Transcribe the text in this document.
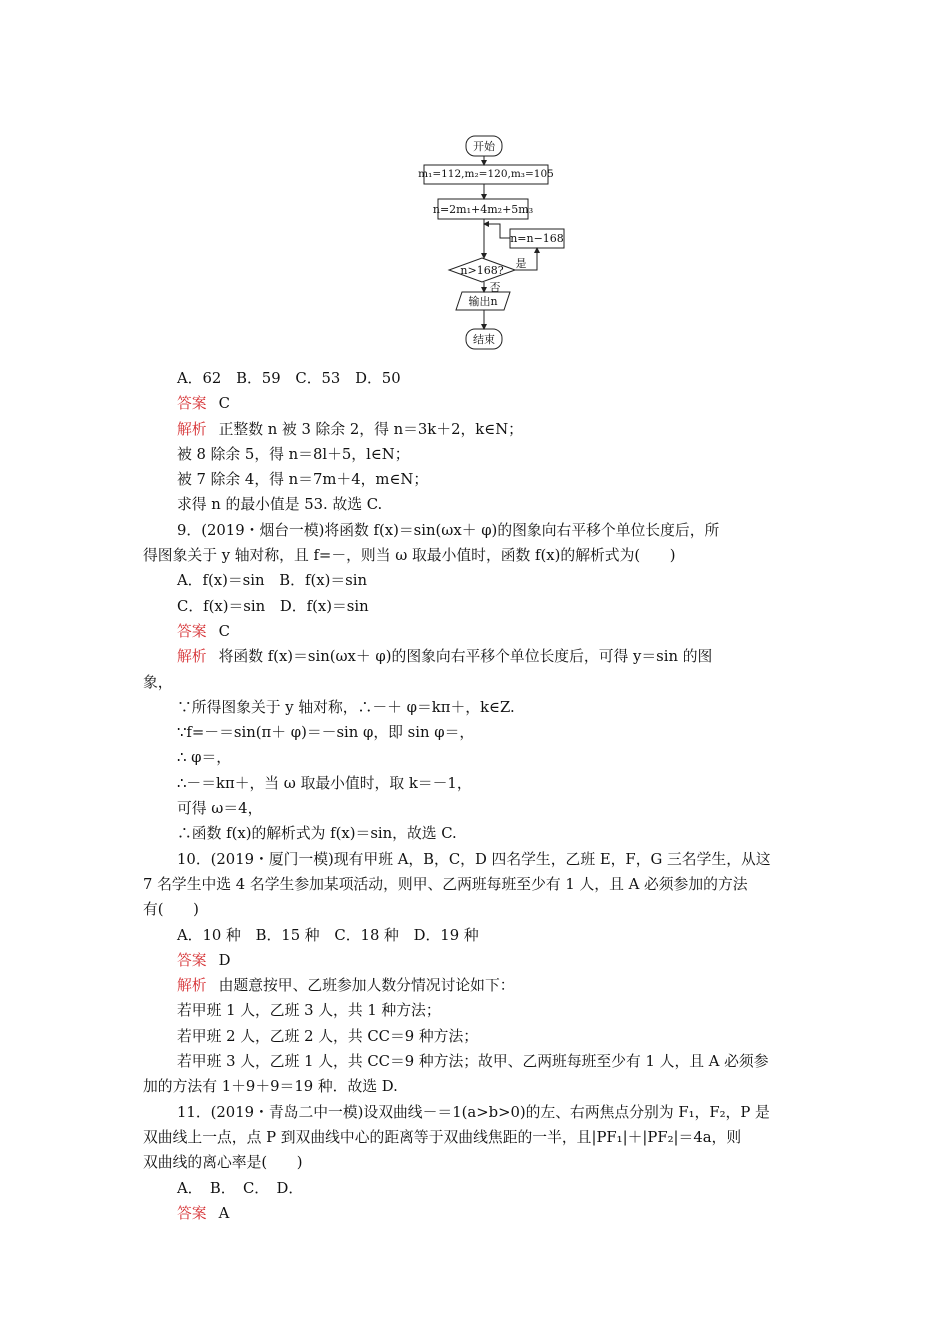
开始
m₁=112,m₂=120,m₃=105
n=2m₁+4m₂+5m₃
n=n−168
n>168?
是
否
输出n
结束
A．62　B．59　C．53　D．50
答案 C
解析 正整数 n 被 3 除余 2，得 n＝3k＋2，k∈N；
被 8 除余 5，得 n＝8l＋5，l∈N；
被 7 除余 4，得 n＝7m＋4，m∈N；
求得 n 的最小值是 53. 故选 C.
9．(2019・烟台一模)将函数 f(x)＝sin(ωx＋ φ)的图象向右平移个单位长度后，所
得图象关于 y 轴对称，且 f=－，则当 ω 取最小值时，函数 f(x)的解析式为(　　)
A．f(x)＝sin　B．f(x)＝sin
C．f(x)＝sin　D．f(x)＝sin
答案 C
解析 将函数 f(x)＝sin(ωx＋ φ)的图象向右平移个单位长度后，可得 y＝sin 的图
象，
∵所得图象关于 y 轴对称，∴－＋ φ＝kπ＋，k∈Z.
∵f=－＝sin(π＋ φ)＝－sin φ，即 sin φ＝，
∴ φ＝，
∴－＝kπ＋，当 ω 取最小值时，取 k＝－1，
可得 ω＝4，
∴函数 f(x)的解析式为 f(x)＝sin，故选 C.
10．(2019・厦门一模)现有甲班 A，B，C，D 四名学生，乙班 E，F，G 三名学生，从这
7 名学生中选 4 名学生参加某项活动，则甲、乙两班每班至少有 1 人，且 A 必须参加的方法
有(　　)
A．10 种　B．15 种　C．18 种　D．19 种
答案 D
解析 由题意按甲、乙班参加人数分情况讨论如下：
若甲班 1 人，乙班 3 人，共 1 种方法；
若甲班 2 人，乙班 2 人，共 CC＝9 种方法；
若甲班 3 人，乙班 1 人，共 CC＝9 种方法；故甲、乙两班每班至少有 1 人，且 A 必须参
加的方法有 1＋9＋9＝19 种．故选 D.
11．(2019・青岛二中一模)设双曲线－＝1(a>b>0)的左、右两焦点分别为 F₁，F₂，P 是
双曲线上一点，点 P 到双曲线中心的距离等于双曲线焦距的一半，且|PF₁|＋|PF₂|＝4a，则
双曲线的离心率是(　　)
A．　B．　C．　D．
答案 A
